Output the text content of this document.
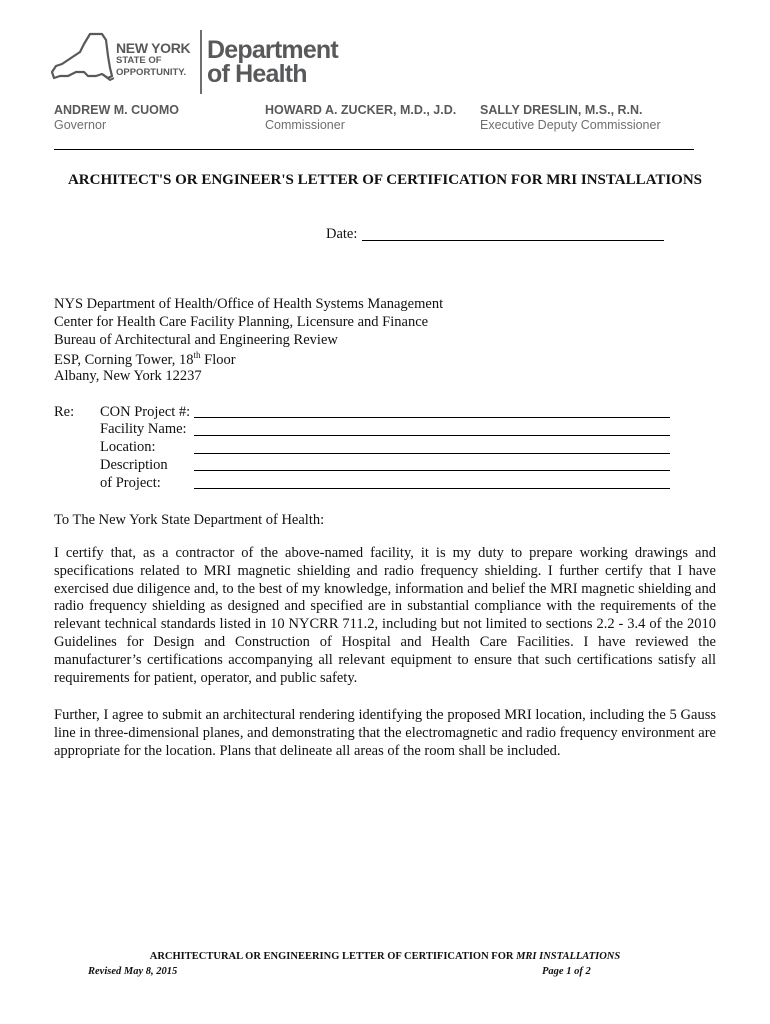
NEW YORK
STATE OF
OPPORTUNITY.
Department
of Health
ANDREW M. CUOMO
Governor
HOWARD A. ZUCKER, M.D., J.D.
Commissioner
SALLY DRESLIN, M.S., R.N.
Executive Deputy Commissioner
ARCHITECT'S OR ENGINEER'S LETTER OF CERTIFICATION FOR MRI INSTALLATIONS
Date:
NYS Department of Health/Office of Health Systems Management
Center for Health Care Facility Planning, Licensure and Finance
Bureau of Architectural and Engineering Review
ESP, Corning Tower, 18th Floor
Albany, New York 12237
Re: CON Project #:
Facility Name:
Location:
Description
of Project:
To The New York State Department of Health:
I certify that, as a contractor of the above-named facility, it is my duty to prepare working drawings and specifications related to MRI magnetic shielding and radio frequency shielding. I further certify that I have exercised due diligence and, to the best of my knowledge, information and belief the MRI magnetic shielding and radio frequency shielding as designed and specified are in substantial compliance with the requirements of the relevant technical standards listed in 10 NYCRR 711.2, including but not limited to sections 2.2 - 3.4 of the 2010 Guidelines for Design and Construction of Hospital and Health Care Facilities. I have reviewed the manufacturer’s certifications accompanying all relevant equipment to ensure that such certifications satisfy all requirements for patient, operator, and public safety.
Further, I agree to submit an architectural rendering identifying the proposed MRI location, including the 5 Gauss line in three-dimensional planes, and demonstrating that the electromagnetic and radio frequency environment are appropriate for the location. Plans that delineate all areas of the room shall be included.
ARCHITECTURAL OR ENGINEERING LETTER OF CERTIFICATION FOR MRI INSTALLATIONS
Revised May 8, 2015	Page 1 of 2
